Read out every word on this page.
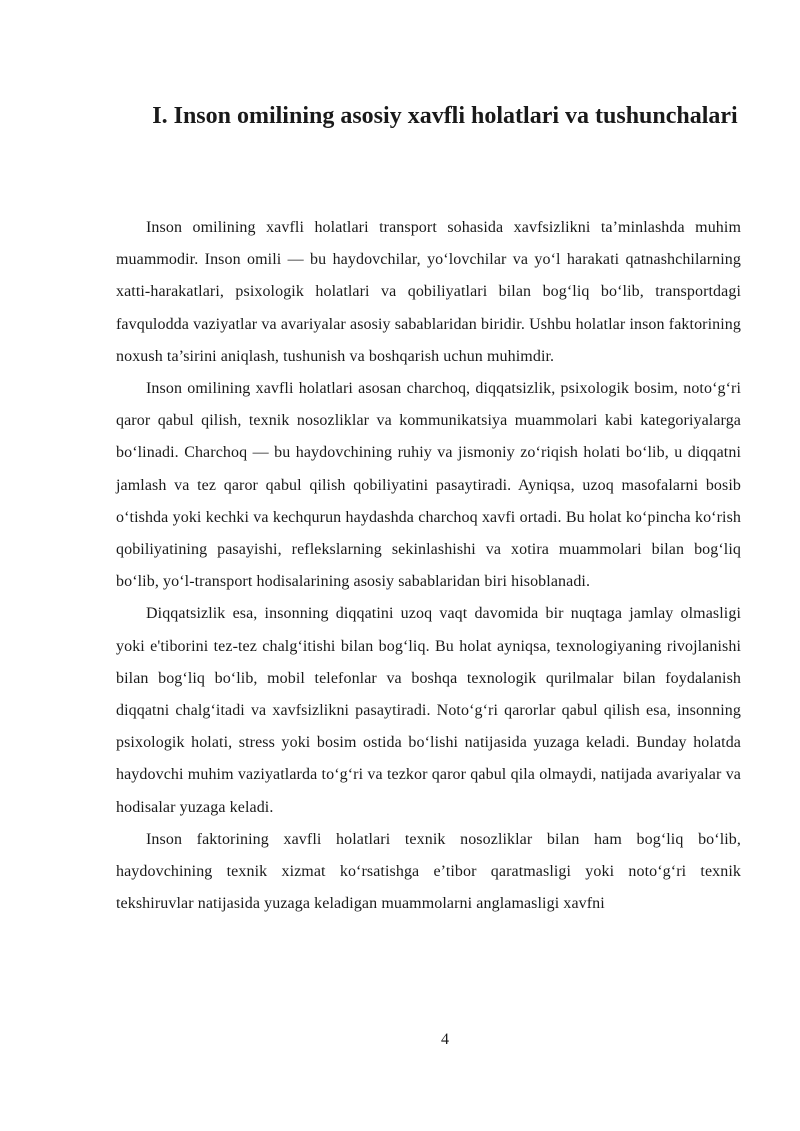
I. Inson omilining asosiy xavfli holatlari va tushunchalari

Inson omilining xavfli holatlari transport sohasida xavfsizlikni ta’minlashda muhim muammodir. Inson omili — bu haydovchilar, yo‘lovchilar va yo‘l harakati qatnashchilarning xatti-harakatlari, psixologik holatlari va qobiliyatlari bilan bog‘liq bo‘lib, transportdagi favqulodda vaziyatlar va avariyalar asosiy sabablaridan biridir. Ushbu holatlar inson faktorining noxush ta’sirini aniqlash, tushunish va boshqarish uchun muhimdir.

Inson omilining xavfli holatlari asosan charchoq, diqqatsizlik, psixologik bosim, noto‘g‘ri qaror qabul qilish, texnik nosozliklar va kommunikatsiya muammolari kabi kategoriyalarga bo‘linadi. Charchoq — bu haydovchining ruhiy va jismoniy zo‘riqish holati bo‘lib, u diqqatni jamlash va tez qaror qabul qilish qobiliyatini pasaytiradi. Ayniqsa, uzoq masofalarni bosib o‘tishda yoki kechki va kechqurun haydashda charchoq xavfi ortadi. Bu holat ko‘pincha ko‘rish qobiliyatining pasayishi, reflekslarning sekinlashishi va xotira muammolari bilan bog‘liq bo‘lib, yo‘l-transport hodisalarining asosiy sabablaridan biri hisoblanadi.

Diqqatsizlik esa, insonning diqqatini uzoq vaqt davomida bir nuqtaga jamlay olmasligi yoki e'tiborini tez-tez chalg‘itishi bilan bog‘liq. Bu holat ayniqsa, texnologiyaning rivojlanishi bilan bog‘liq bo‘lib, mobil telefonlar va boshqa texnologik qurilmalar bilan foydalanish diqqatni chalg‘itadi va xavfsizlikni pasaytiradi. Noto‘g‘ri qarorlar qabul qilish esa, insonning psixologik holati, stress yoki bosim ostida bo‘lishi natijasida yuzaga keladi. Bunday holatda haydovchi muhim vaziyatlarda to‘g‘ri va tezkor qaror qabul qila olmaydi, natijada avariyalar va hodisalar yuzaga keladi.

Inson faktorining xavfli holatlari texnik nosozliklar bilan ham bog‘liq bo‘lib, haydovchining texnik xizmat ko‘rsatishga e’tibor qaratmasligi yoki noto‘g‘ri texnik tekshiruvlar natijasida yuzaga keladigan muammolarni anglamasligi xavfni

4
